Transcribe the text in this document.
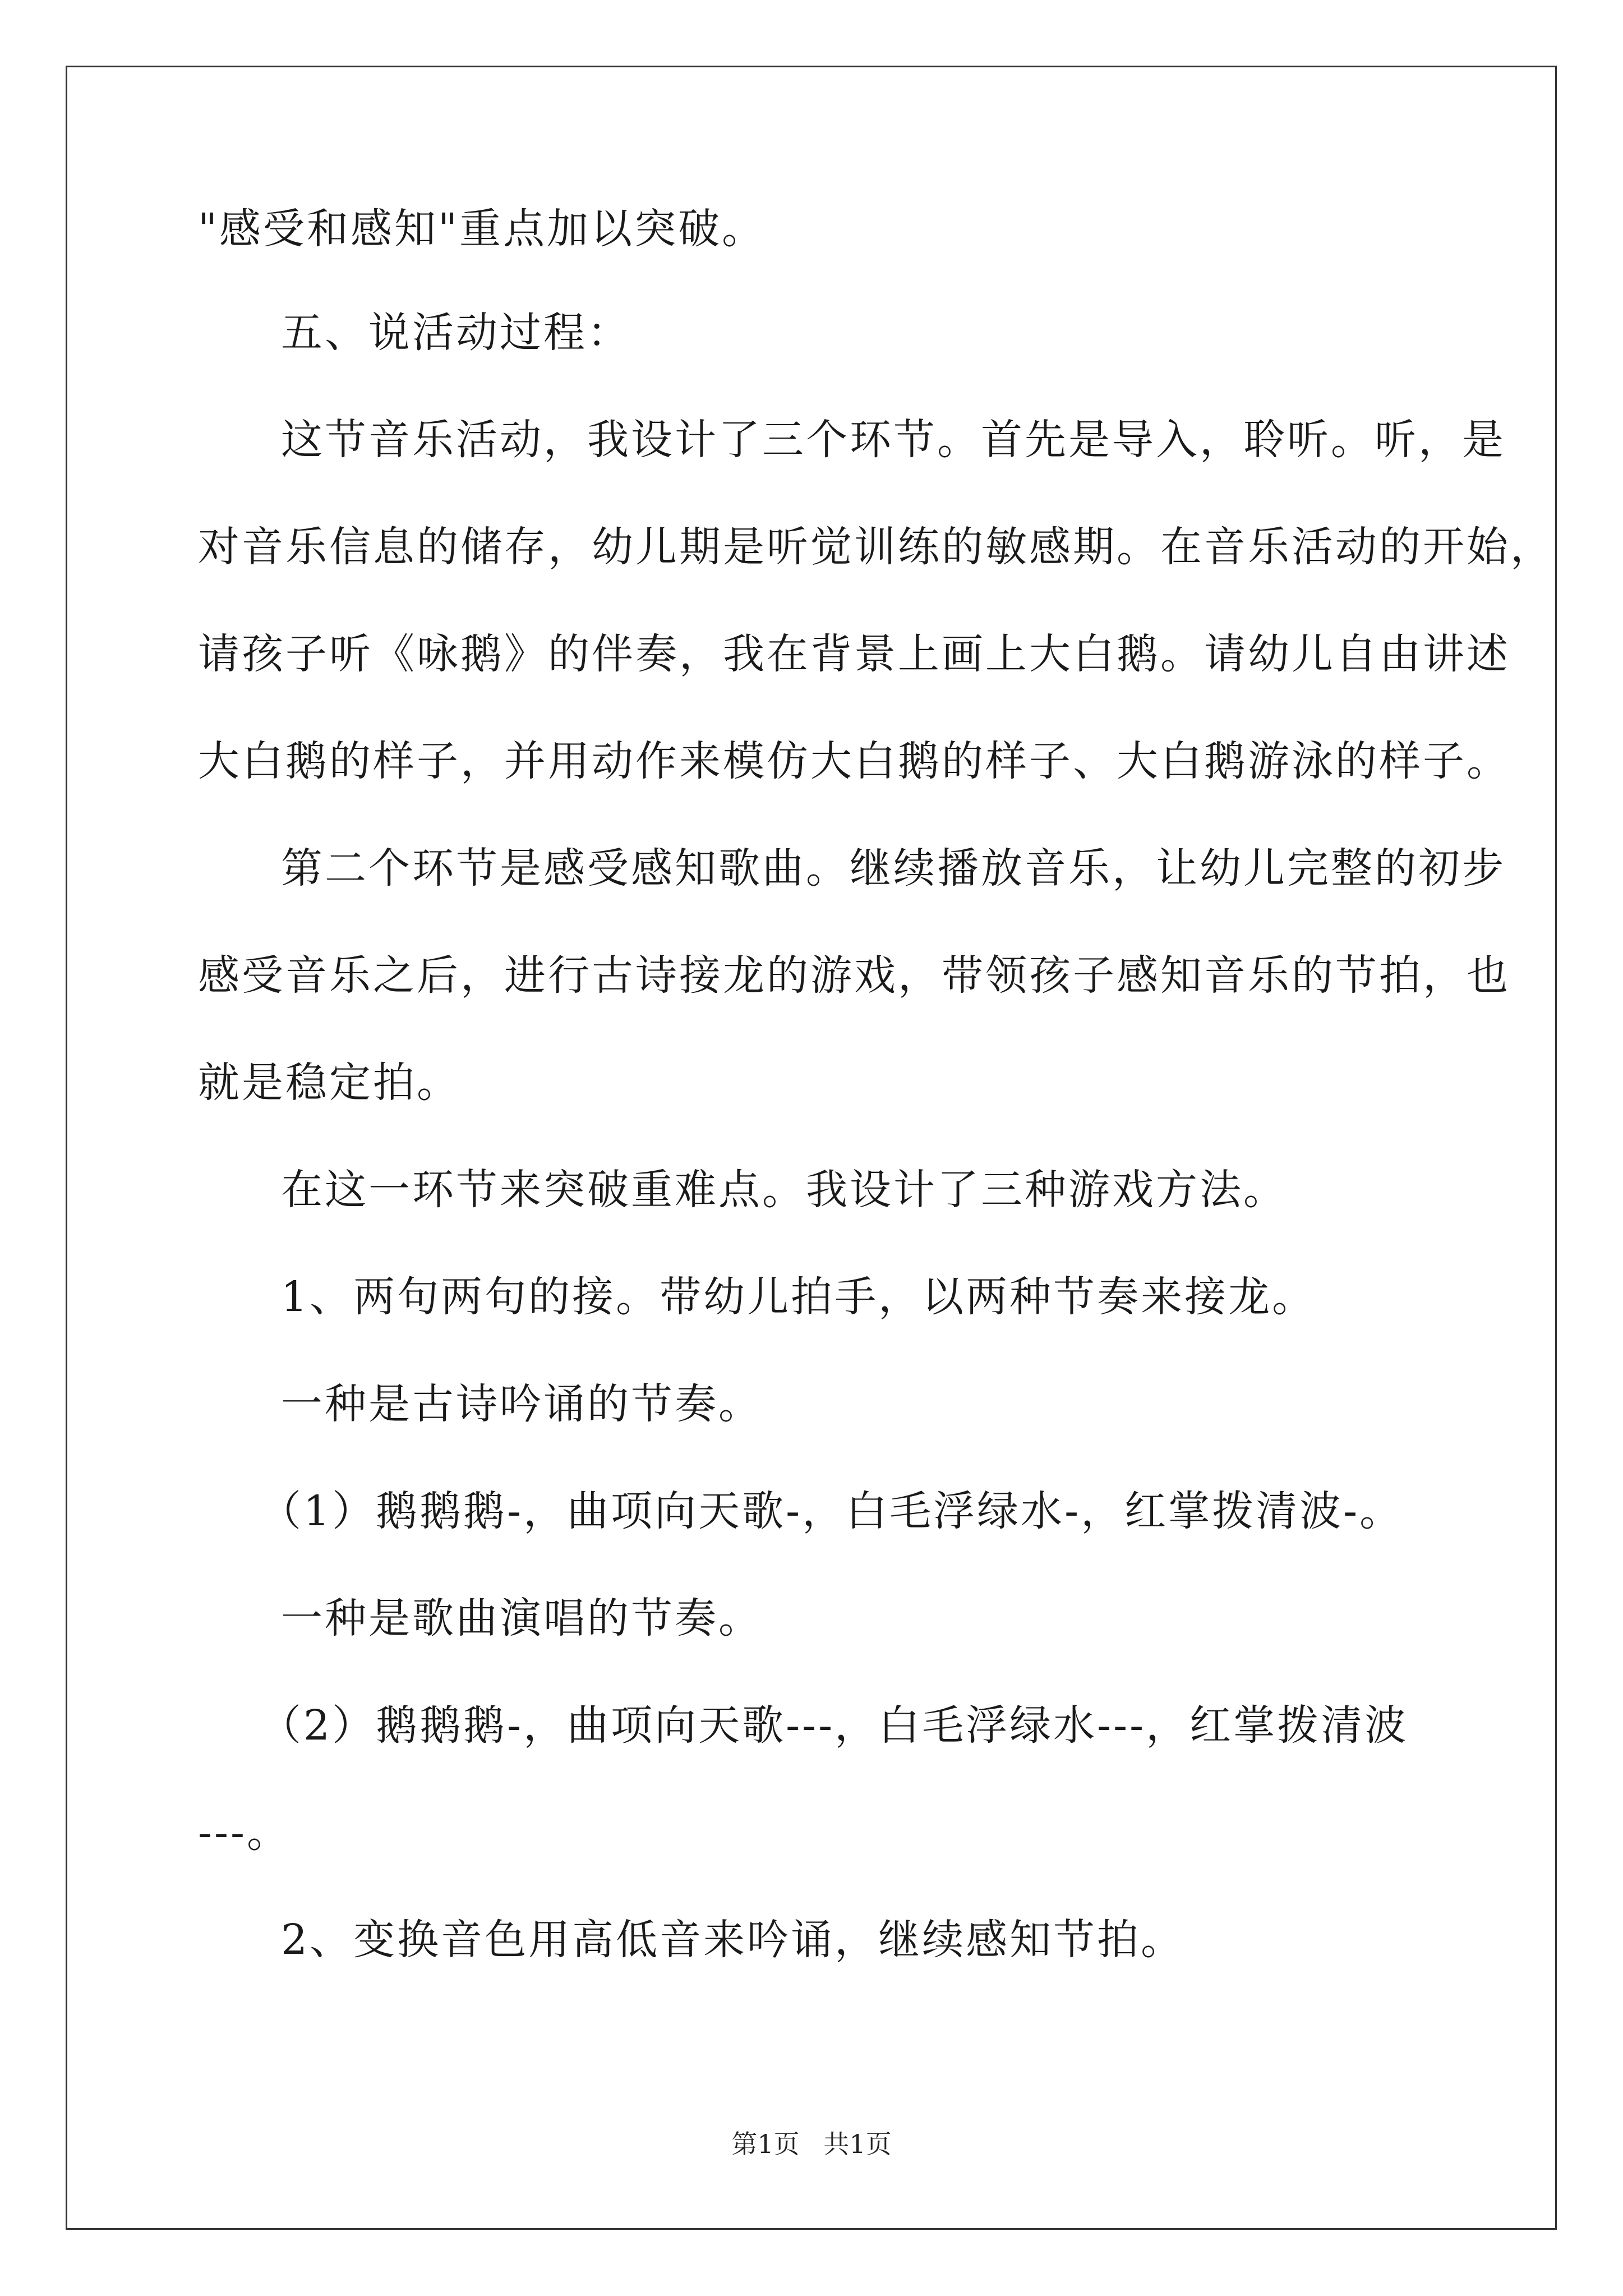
"感受和感知"重点加以突破。

五、说活动过程：

这节音乐活动，我设计了三个环节。首先是导入，聆听。听，是

对音乐信息的储存，幼儿期是听觉训练的敏感期。在音乐活动的开始，

请孩子听《咏鹅》的伴奏，我在背景上画上大白鹅。请幼儿自由讲述

大白鹅的样子，并用动作来模仿大白鹅的样子、大白鹅游泳的样子。

第二个环节是感受感知歌曲。继续播放音乐，让幼儿完整的初步

感受音乐之后，进行古诗接龙的游戏，带领孩子感知音乐的节拍，也

就是稳定拍。

在这一环节来突破重难点。我设计了三种游戏方法。

1、两句两句的接。带幼儿拍手，以两种节奏来接龙。

一种是古诗吟诵的节奏。

（1）鹅鹅鹅-，曲项向天歌-，白毛浮绿水-，红掌拨清波-。

一种是歌曲演唱的节奏。

（2）鹅鹅鹅-，曲项向天歌---，白毛浮绿水---，红掌拨清波

---。

2、变换音色用高低音来吟诵，继续感知节拍。

第1页 共1页
